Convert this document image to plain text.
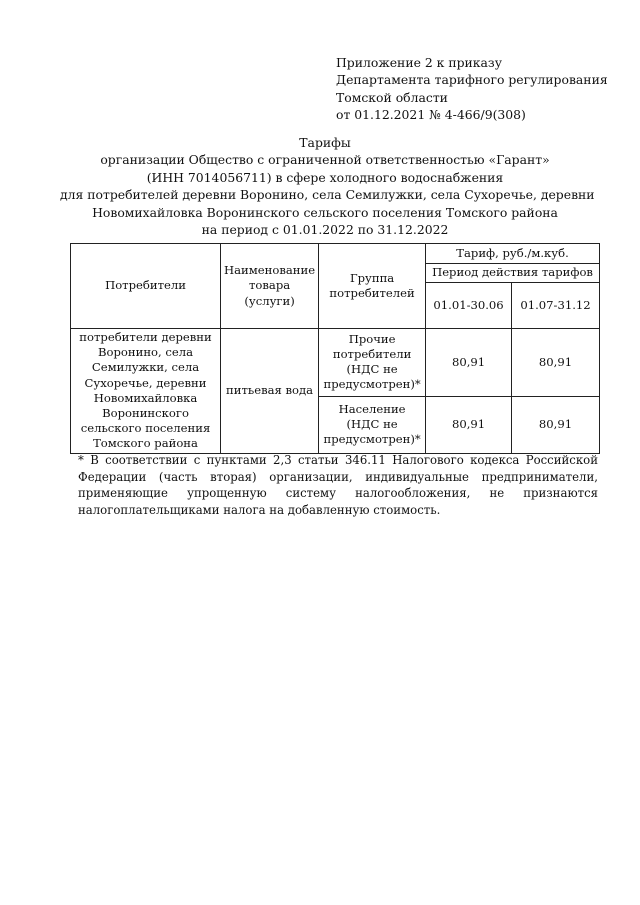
Приложение 2 к приказу
Департамента тарифного регулирования
Томской области
от 01.12.2021 № 4-466/9(308)
Тарифы
организации Общество с ограниченной ответственностью «Гарант»
(ИНН 7014056711) в сфере холодного водоснабжения
для потребителей деревни Воронино, села Семилужки, села Сухоречье, деревни
Новомихайловка Воронинского сельского поселения Томского района
на период с 01.01.2022 по 31.12.2022
Потребители	Наименование товара (услуги)	Группа потребителей	Тариф, руб./м.куб.	
			Период действия тарифов	
			01.01-30.06	01.07-31.12
потребители деревни Воронино, села Семилужки, села Сухоречье, деревни Новомихайловка Воронинского сельского поселения Томского района	питьевая вода	Прочие потребители (НДС не предусмотрен)*	80,91	80,91
		Население (НДС не предусмотрен)*	80,91	80,91
* В соответствии с пунктами 2,3 статьи 346.11 Налогового кодекса Российской Федерации (часть вторая) организации, индивидуальные предприниматели, применяющие упрощенную систему налогообложения, не признаются налогоплательщиками налога на добавленную стоимость.
